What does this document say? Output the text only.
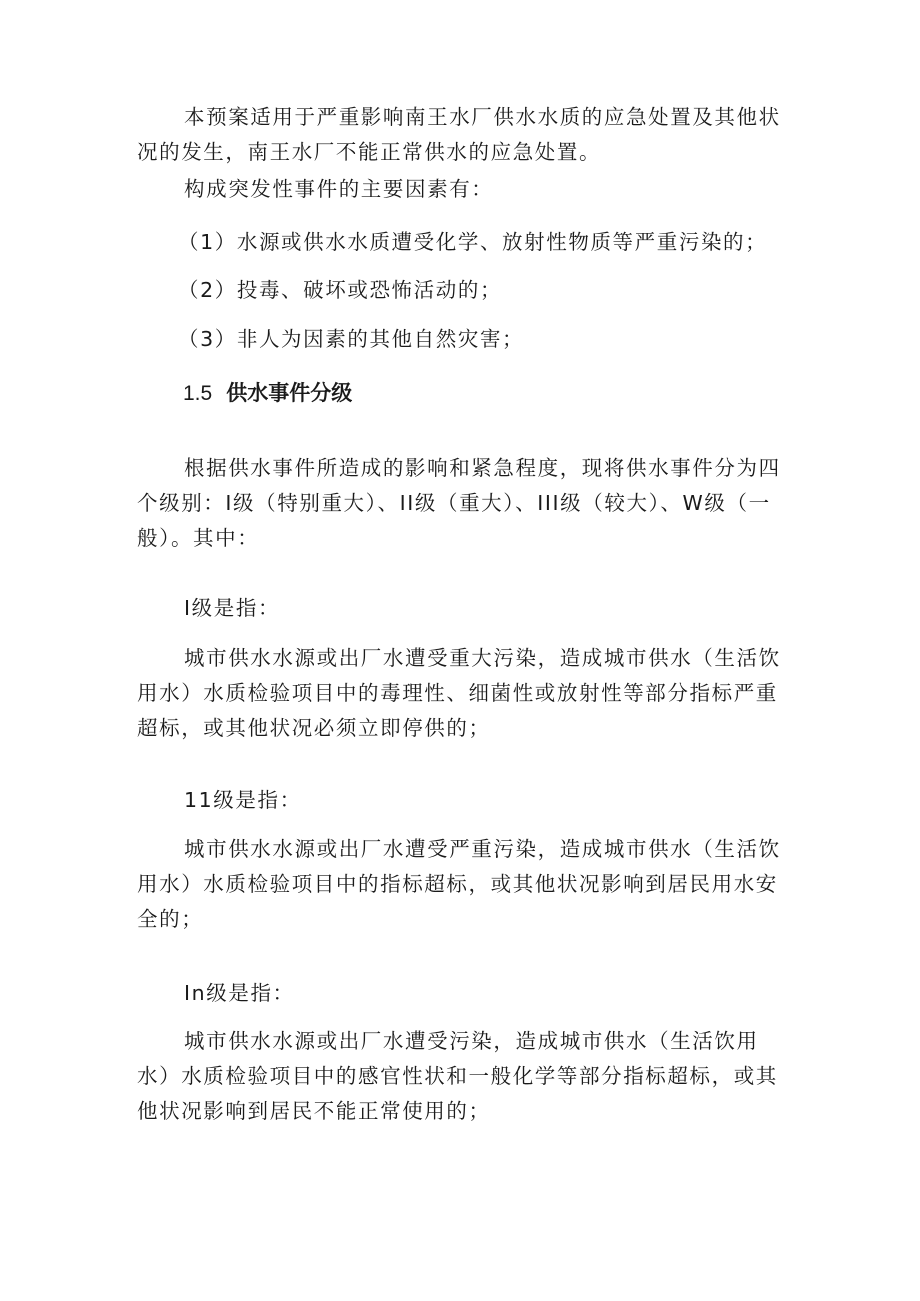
本预案适用于严重影响南王水厂供水水质的应急处置及其他状况的发生，南王水厂不能正常供水的应急处置。

构成突发性事件的主要因素有：

（1）水源或供水水质遭受化学、放射性物质等严重污染的；

（2）投毒、破坏或恐怖活动的；

（3）非人为因素的其他自然灾害；

1.5 供水事件分级

根据供水事件所造成的影响和紧急程度，现将供水事件分为四个级别：Ⅰ级（特别重大）、II级（重大）、III级（较大）、W级（一般）。其中：

Ⅰ级是指：

城市供水水源或出厂水遭受重大污染，造成城市供水（生活饮用水）水质检验项目中的毒理性、细菌性或放射性等部分指标严重超标，或其他状况必须立即停供的；

11级是指：

城市供水水源或出厂水遭受严重污染，造成城市供水（生活饮用水）水质检验项目中的指标超标，或其他状况影响到居民用水安全的；

In级是指：

城市供水水源或出厂水遭受污染，造成城市供水（生活饮用水）水质检验项目中的感官性状和一般化学等部分指标超标，或其他状况影响到居民不能正常使用的；
